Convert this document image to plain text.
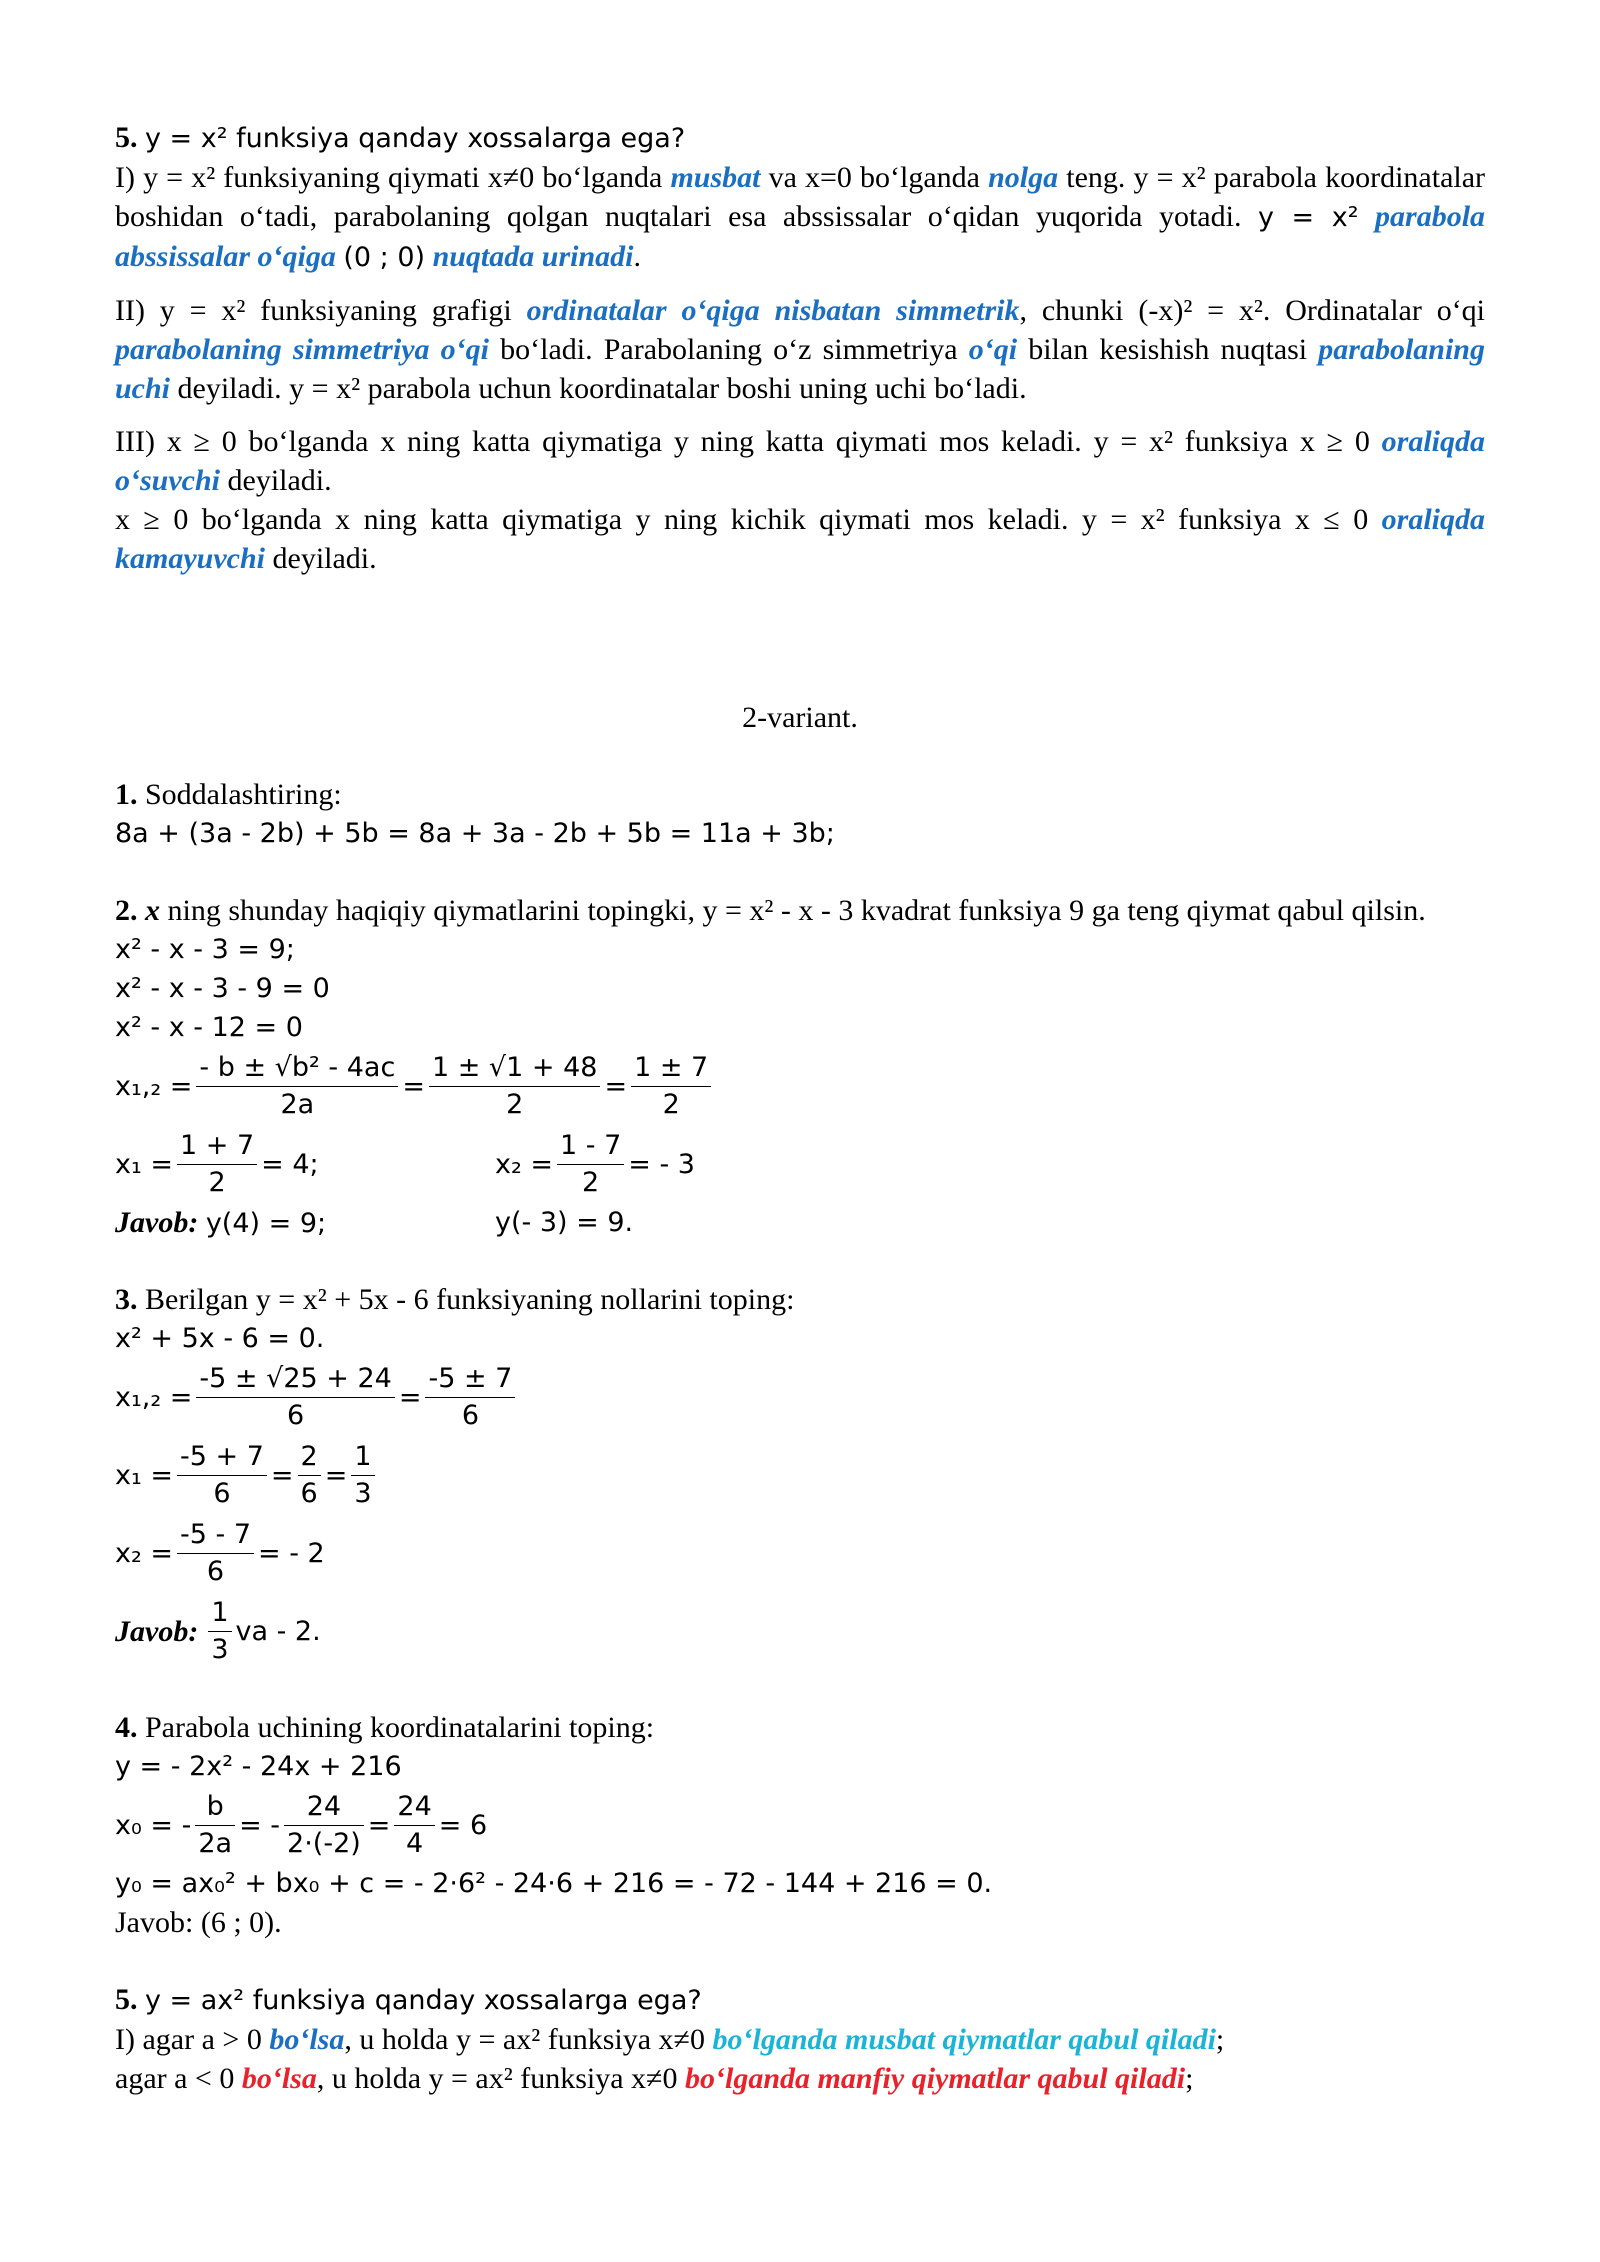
5. y = x² funksiya qanday xossalarga ega?
I) y = x² funksiyaning qiymati x≠0 bo‘lganda musbat va x=0 bo‘lganda nolga teng. y = x² parabola koordinatalar boshidan o‘tadi, parabolaning qolgan nuqtalari esa abssissalar o‘qidan yuqorida yotadi. y = x² parabola abssissalar o‘qiga (0 ; 0) nuqtada urinadi.
II) y = x² funksiyaning grafigi ordinatalar o‘qiga nisbatan simmetrik, chunki (-x)² = x². Ordinatalar o‘qi parabolaning simmetriya o‘qi bo‘ladi. Parabolaning o‘z simmetriya o‘qi bilan kesishish nuqtasi parabolaning uchi deyiladi. y = x² parabola uchun koordinatalar boshi uning uchi bo‘ladi.
III) x ≥ 0 bo‘lganda x ning katta qiymatiga y ning katta qiymati mos keladi. y = x² funksiya x ≥ 0 oraliqda o‘suvchi deyiladi.
x ≥ 0 bo‘lganda x ning katta qiymatiga y ning kichik qiymati mos keladi. y = x² funksiya x ≤ 0 oraliqda kamayuvchi deyiladi.
2-variant.
1. Soddalashtiring:
8a + (3a - 2b) + 5b = 8a + 3a - 2b + 5b = 11a + 3b;
2. x ning shunday haqiqiy qiymatlarini topingki, y = x² - x - 3 kvadrat funksiya 9 ga teng qiymat qabul qilsin.
x² - x - 3 = 9;
x² - x - 3 - 9 = 0
x² - x - 12 = 0
$x_1,_2 = \frac{\text{- b ± √b² - 4ac}}{2a} = \frac{1 \pm √1 + 48}{2} = \frac{1 \pm 7}{2}$
$x_1 = \frac{1 + 7}{2} = 4$;	$x_2 = \frac{1 - 7}{2}$ = - 3
Javob: y(4) = 9;	y(- 3) = 9.
3. Berilgan y = x² + 5x - 6 funksiyaning nollarini toping:
x² + 5x - 6 = 0.
$x_1,_2 = \frac{-5 \pm √25 + 24}{6} = \frac{-5 \pm 7}{6}$
$x_1 = \frac{-5 + 7}{6} = \frac{2}{6} = \frac{1}{3}$
$x_2 = \frac{-5 - 7}{6}$ = - 2
Javob: $\frac{1}{3}$ va - 2.
4. Parabola uchining koordinatalarini toping:
y = - 2x² - 24x + 216
x₀ = - $\frac{b}{2a}$ = - $\frac{24}{2\cdot(-2)} = \frac{24}{4} = 6$
y₀ = ax₀² + bx₀ + c = - 2·6² - 24·6 + 216 = - 72 - 144 + 216 = 0.
Javob: (6 ; 0).
5. y = ax² funksiya qanday xossalarga ega?
I) agar a > 0 bo‘lsa, u holda y = ax² funksiya x≠0 bo‘lganda musbat qiymatlar qabul qiladi;
agar a < 0 bo‘lsa, u holda y = ax² funksiya x≠0 bo‘lganda manfiy qiymatlar qabul qiladi;
